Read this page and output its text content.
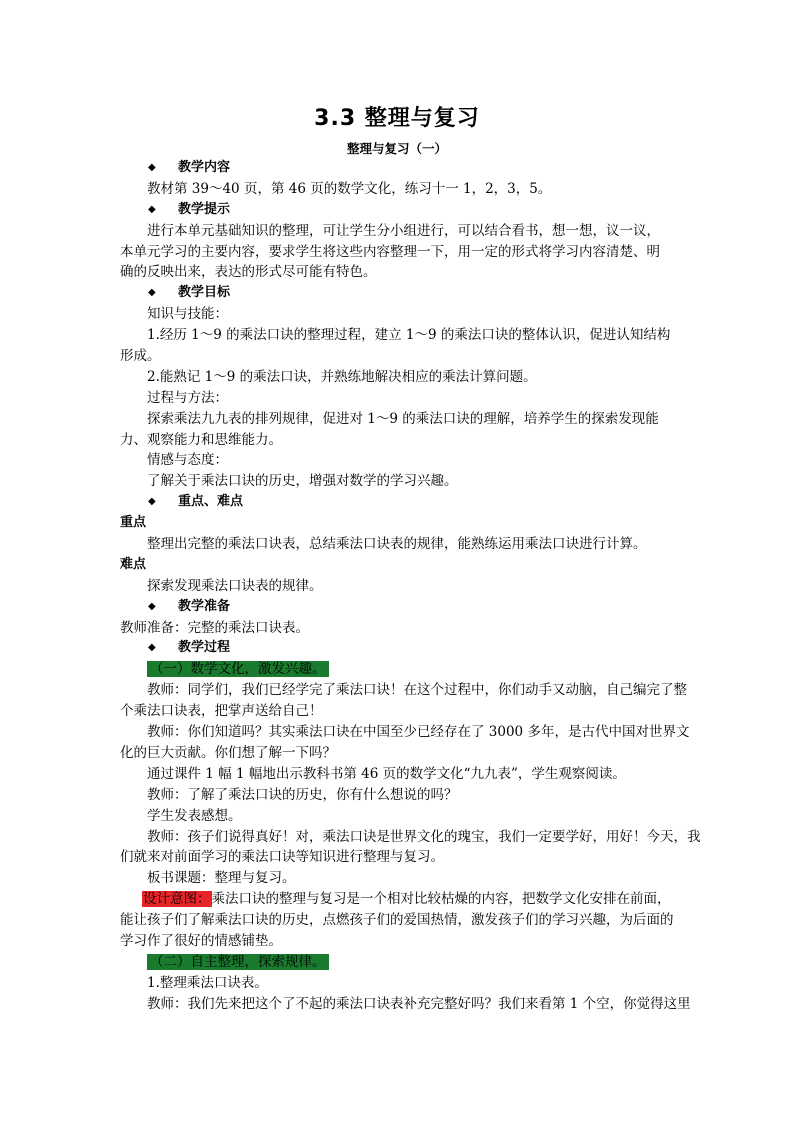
3.3 整理与复习
整理与复习（一）
◆ 教学内容
教材第 39～40 页，第 46 页的数学文化，练习十一 1，2，3，5。
◆ 教学提示
进行本单元基础知识的整理，可让学生分小组进行，可以结合看书，想一想，议一议，
本单元学习的主要内容，要求学生将这些内容整理一下，用一定的形式将学习内容清楚、明
确的反映出来，表达的形式尽可能有特色。
◆ 教学目标
知识与技能：
1.经历 1～9 的乘法口诀的整理过程，建立 1～9 的乘法口诀的整体认识，促进认知结构
形成。
2.能熟记 1～9 的乘法口诀，并熟练地解决相应的乘法计算问题。
过程与方法：
探索乘法九九表的排列规律，促进对 1～9 的乘法口诀的理解，培养学生的探索发现能
力、观察能力和思维能力。
情感与态度：
了解关于乘法口诀的历史，增强对数学的学习兴趣。
◆ 重点、难点
重点
整理出完整的乘法口诀表，总结乘法口诀表的规律，能熟练运用乘法口诀进行计算。
难点
探索发现乘法口诀表的规律。
◆ 教学准备
教师准备：完整的乘法口诀表。
◆ 教学过程
（一）数学文化，激发兴趣。
教师：同学们，我们已经学完了乘法口诀！在这个过程中，你们动手又动脑，自己编完了整
个乘法口诀表，把掌声送给自己！
教师：你们知道吗？其实乘法口诀在中国至少已经存在了 3000 多年，是古代中国对世界文
化的巨大贡献。你们想了解一下吗？
通过课件 1 幅 1 幅地出示教科书第 46 页的数学文化“九九表”，学生观察阅读。
教师：了解了乘法口诀的历史，你有什么想说的吗？
学生发表感想。
教师：孩子们说得真好！对，乘法口诀是世界文化的瑰宝，我们一定要学好，用好！今天，我
们就来对前面学习的乘法口诀等知识进行整理与复习。
板书课题：整理与复习。
设计意图：乘法口诀的整理与复习是一个相对比较枯燥的内容，把数学文化安排在前面，
能让孩子们了解乘法口诀的历史，点燃孩子们的爱国热情，激发孩子们的学习兴趣，为后面的
学习作了很好的情感铺垫。
（二）自主整理，探索规律。
1.整理乘法口诀表。
教师：我们先来把这个了不起的乘法口诀表补充完整好吗？我们来看第 1 个空，你觉得这里
